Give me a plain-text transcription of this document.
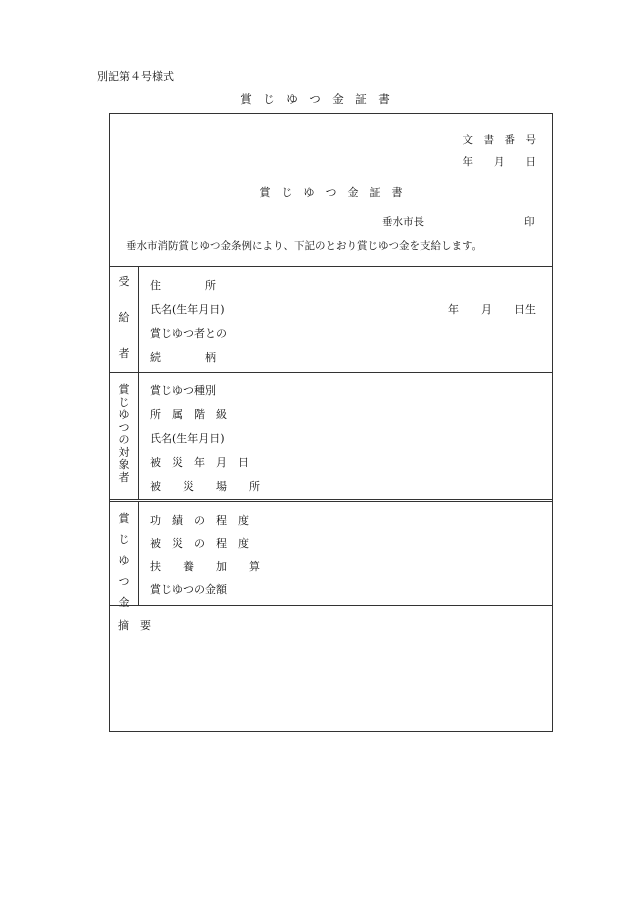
別記第４号様式
賞　じ　ゆ　つ　金　証　書
文　書　番　号
年　　月　　日
賞　じ　ゆ　つ　金　証　書
垂水市長	印
垂水市消防賞じゆつ金条例により、下記のとおり賞じゆつ金を支給します。
受
給
者
住　　　　所
氏名(生年月日)
賞じゆつ者との
続　　　　柄
年　　月　　日生
賞
じ
ゆ
つ
の
対
象
者
賞じゆつ種別
所　属　階　級
氏名(生年月日)
被　災　年　月　日
被　　災　　場　　所
賞
じ
ゆ
つ
金
功　績　の　程　度
被　災　の　程　度
扶　　養　　加　　算
賞じゆつの金額
摘　要
